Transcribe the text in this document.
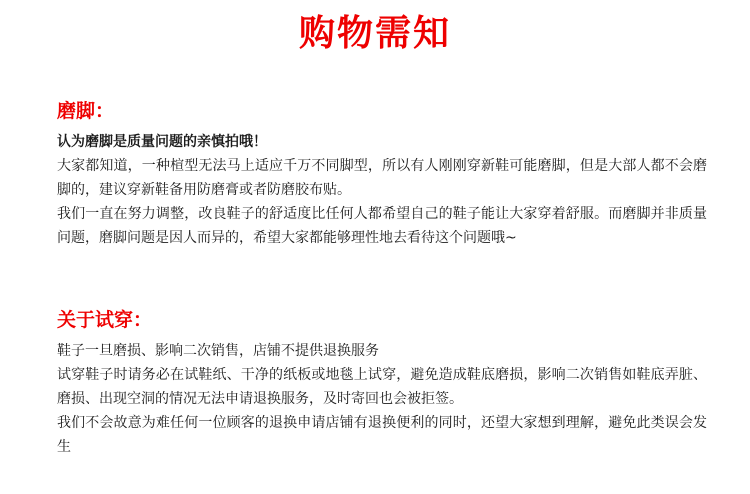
购物需知
磨脚：

认为磨脚是质量问题的亲慎拍哦！

大家都知道，一种楦型无法马上适应千万不同脚型，所以有人刚刚穿新鞋可能磨脚，但是大部人都不会磨脚的，建议穿新鞋备用防磨膏或者防磨胶布贴。

我们一直在努力调整，改良鞋子的舒适度比任何人都希望自己的鞋子能让大家穿着舒服。而磨脚并非质量问题，磨脚问题是因人而异的，希望大家都能够理性地去看待这个问题哦~

关于试穿：

鞋子一旦磨损、影响二次销售，店铺不提供退换服务

试穿鞋子时请务必在试鞋纸、干净的纸板或地毯上试穿，避免造成鞋底磨损，影响二次销售如鞋底弄脏、磨损、出现空洞的情况无法申请退换服务，及时寄回也会被拒签。

我们不会故意为难任何一位顾客的退换申请店铺有退换便利的同时，还望大家想到理解，避免此类误会发生
